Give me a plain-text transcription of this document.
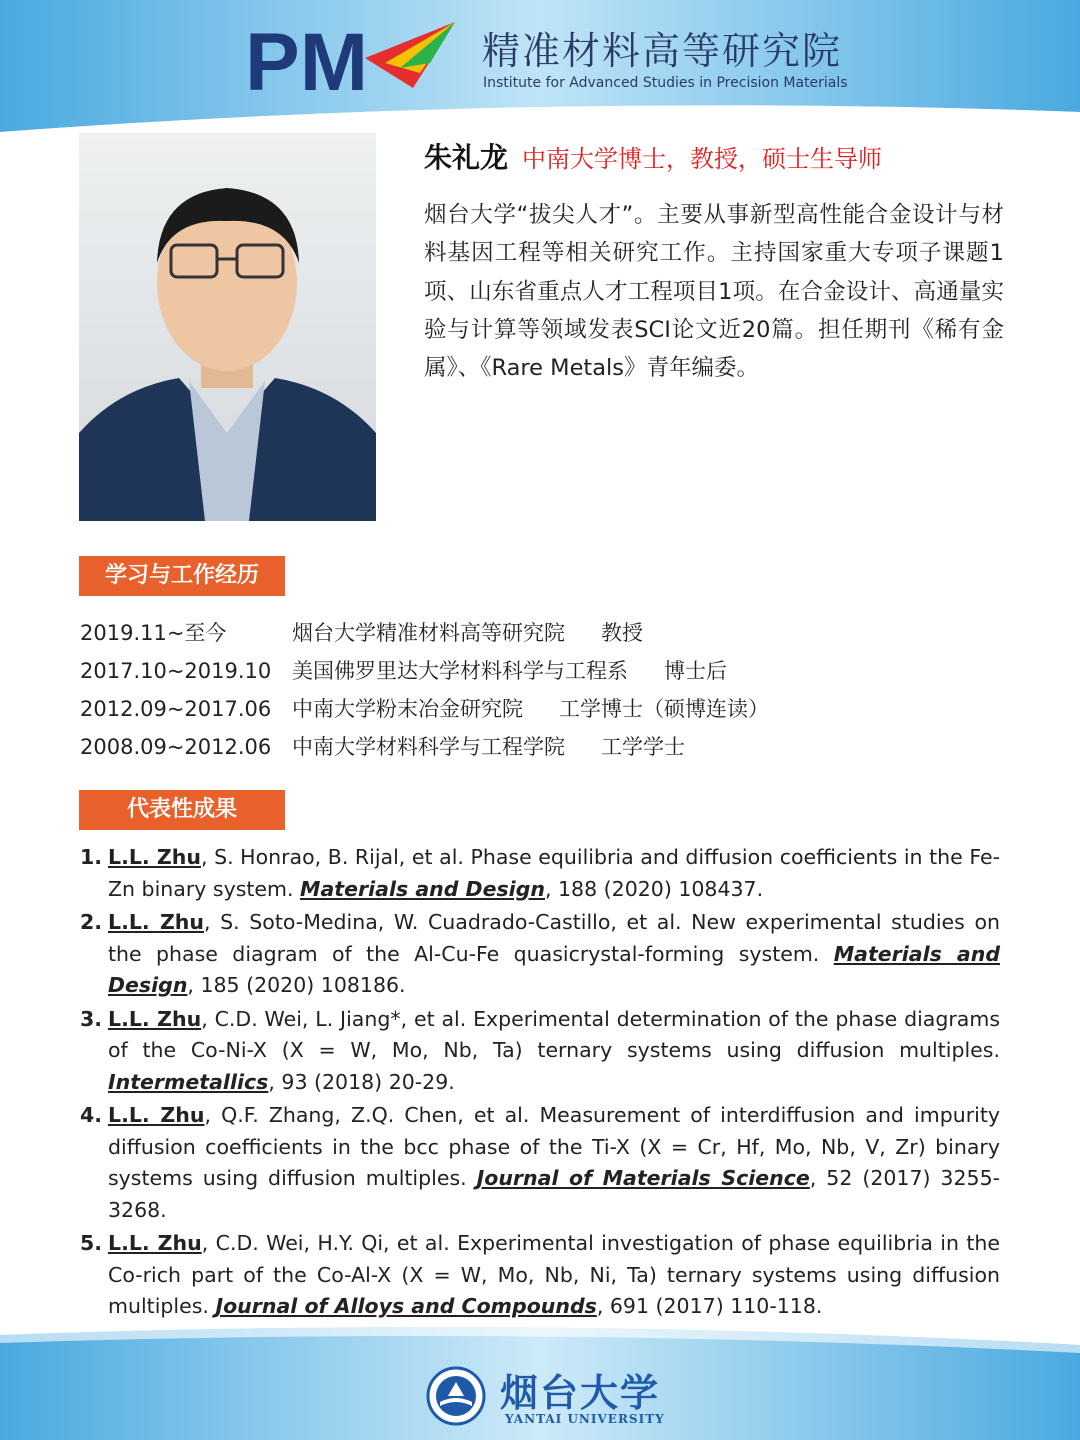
PM	精准材料高等研究院
Institute for Advanced Studies in Precision Materials
朱礼龙 中南大学博士，教授，硕士生导师
烟台大学“拔尖人才”。主要从事新型高性能合金设计与材料基因工程等相关研究工作。主持国家重大专项子课题1项、山东省重点人才工程项目1项。在合金设计、高通量实验与计算等领域发表SCI论文近20篇。担任期刊《稀有金属》、《Rare Metals》青年编委。
学习与工作经历
2019.11~至今	烟台大学精准材料高等研究院 教授
2017.10~2019.10 美国佛罗里达大学材料科学与工程系 博士后
2012.09~2017.06 中南大学粉末冶金研究院 工学博士（硕博连读）
2008.09~2012.06 中南大学材料科学与工程学院 工学学士
代表性成果
1. L.L. Zhu, S. Honrao, B. Rijal, et al. Phase equilibria and diffusion coefficients in the Fe-Zn binary system. Materials and Design, 188 (2020) 108437.
2. L.L. Zhu, S. Soto-Medina, W. Cuadrado-Castillo, et al. New experimental studies on the phase diagram of the Al-Cu-Fe quasicrystal-forming system. Materials and Design, 185 (2020) 108186.
3. L.L. Zhu, C.D. Wei, L. Jiang*, et al. Experimental determination of the phase diagrams of the Co-Ni-X (X = W, Mo, Nb, Ta) ternary systems using diffusion multiples. Intermetallics, 93 (2018) 20-29.
4. L.L. Zhu, Q.F. Zhang, Z.Q. Chen, et al. Measurement of interdiffusion and impurity diffusion coefficients in the bcc phase of the Ti-X (X = Cr, Hf, Mo, Nb, V, Zr) binary systems using diffusion multiples. Journal of Materials Science, 52 (2017) 3255-3268.
5. L.L. Zhu, C.D. Wei, H.Y. Qi, et al. Experimental investigation of phase equilibria in the Co-rich part of the Co-Al-X (X = W, Mo, Nb, Ni, Ta) ternary systems using diffusion multiples. Journal of Alloys and Compounds, 691 (2017) 110-118.
烟台大学
YANTAI UNIVERSITY
